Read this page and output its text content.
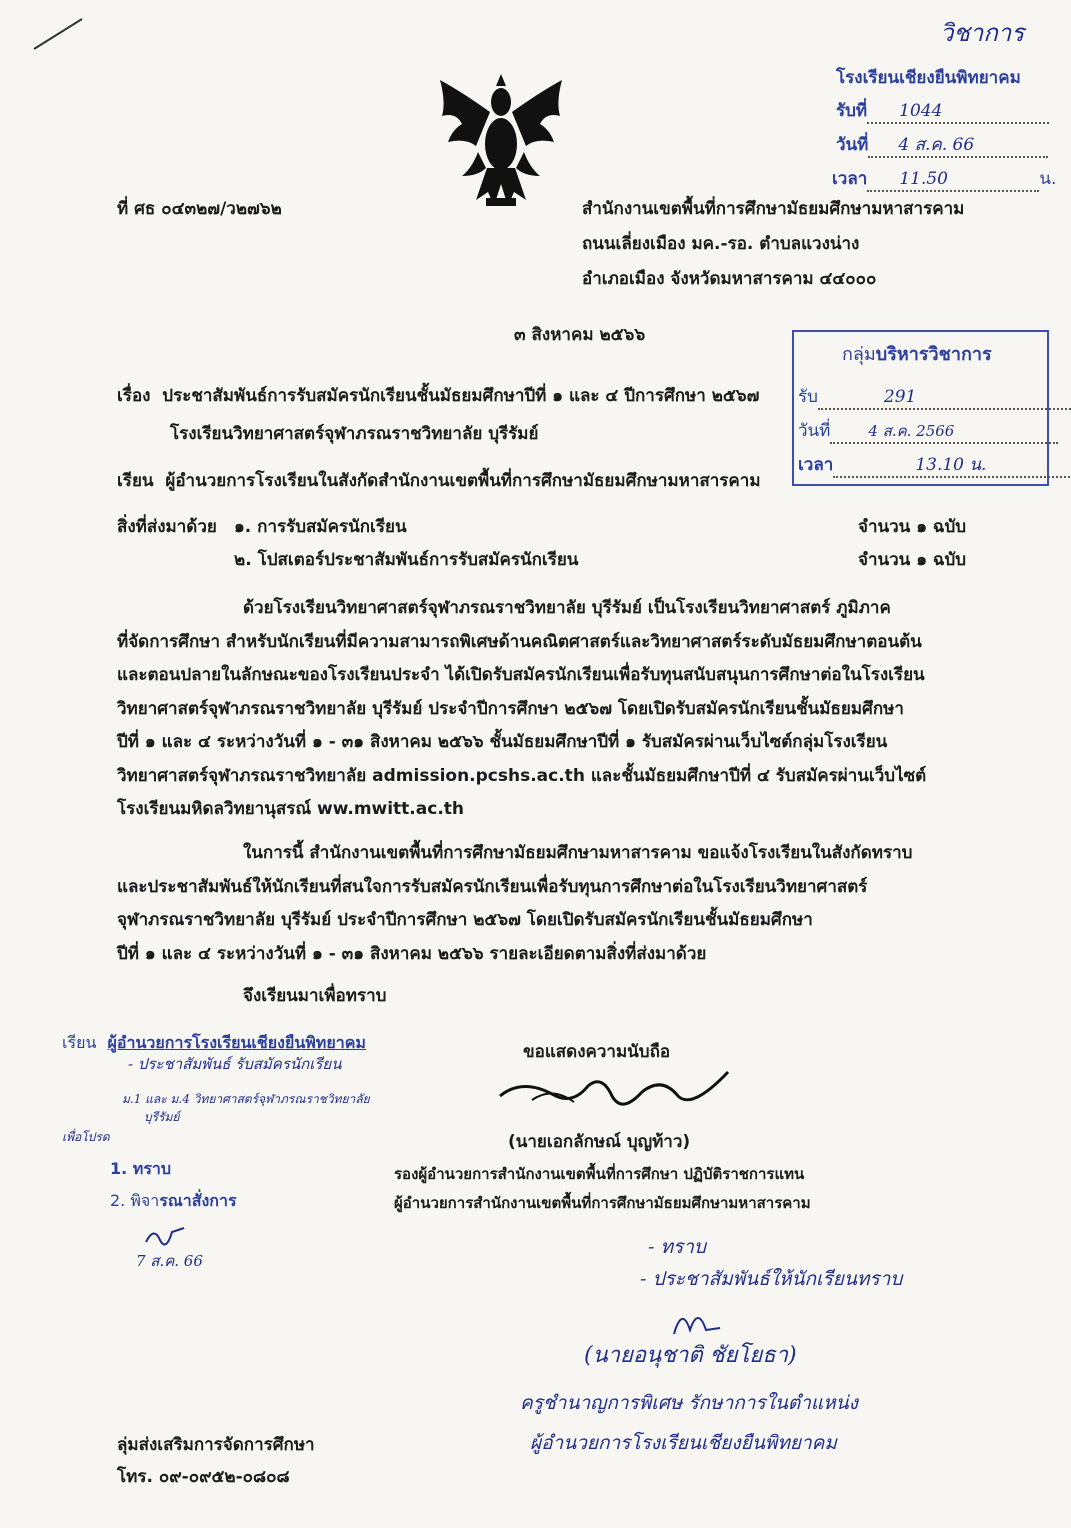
วิชาการ
โรงเรียนเชียงยืนพิทยาคม
รับที่ 1044
วันที่ 4 ส.ค. 66
เวลา 11.50	น.
ที่ ศธ ๐๔๓๒๗/ว๒๗๖๒	สำนักงานเขตพื้นที่การศึกษามัธยมศึกษามหาสารคาม
ถนนเลี่ยงเมือง มค.-รอ. ตำบลแวงน่าง
อำเภอเมือง จังหวัดมหาสารคาม ๔๔๐๐๐
๓ สิงหาคม ๒๕๖๖
กลุ่มบริหารวิชาการ
รับ	291
วันที่	4 ส.ค. 2566
เวลา	13.10 น.
เรื่อง ประชาสัมพันธ์การรับสมัครนักเรียนชั้นมัธยมศึกษาปีที่ ๑ และ ๔ ปีการศึกษา ๒๕๖๗
โรงเรียนวิทยาศาสตร์จุฬาภรณราชวิทยาลัย บุรีรัมย์
เรียน ผู้อำนวยการโรงเรียนในสังกัดสำนักงานเขตพื้นที่การศึกษามัธยมศึกษามหาสารคาม
สิ่งที่ส่งมาด้วย ๑. การรับสมัครนักเรียน	จำนวน ๑ ฉบับ
๒. โปสเตอร์ประชาสัมพันธ์การรับสมัครนักเรียน	จำนวน ๑ ฉบับ
ด้วยโรงเรียนวิทยาศาสตร์จุฬาภรณราชวิทยาลัย บุรีรัมย์ เป็นโรงเรียนวิทยาศาสตร์ ภูมิภาค
ที่จัดการศึกษา สำหรับนักเรียนที่มีความสามารถพิเศษด้านคณิตศาสตร์และวิทยาศาสตร์ระดับมัธยมศึกษาตอนต้น
และตอนปลายในลักษณะของโรงเรียนประจำ ได้เปิดรับสมัครนักเรียนเพื่อรับทุนสนับสนุนการศึกษาต่อในโรงเรียน
วิทยาศาสตร์จุฬาภรณราชวิทยาลัย บุรีรัมย์ ประจำปีการศึกษา ๒๕๖๗ โดยเปิดรับสมัครนักเรียนชั้นมัธยมศึกษา
ปีที่ ๑ และ ๔ ระหว่างวันที่ ๑ - ๓๑ สิงหาคม ๒๕๖๖ ชั้นมัธยมศึกษาปีที่ ๑ รับสมัครผ่านเว็บไซต์กลุ่มโรงเรียน
วิทยาศาสตร์จุฬาภรณราชวิทยาลัย admission.pcshs.ac.th และชั้นมัธยมศึกษาปีที่ ๔ รับสมัครผ่านเว็บไซต์
โรงเรียนมหิดลวิทยานุสรณ์ ww.mwitt.ac.th
ในการนี้ สำนักงานเขตพื้นที่การศึกษามัธยมศึกษามหาสารคาม ขอแจ้งโรงเรียนในสังกัดทราบ
และประชาสัมพันธ์ให้นักเรียนที่สนใจการรับสมัครนักเรียนเพื่อรับทุนการศึกษาต่อในโรงเรียนวิทยาศาสตร์
จุฬาภรณราชวิทยาลัย บุรีรัมย์ ประจำปีการศึกษา ๒๕๖๗ โดยเปิดรับสมัครนักเรียนชั้นมัธยมศึกษา
ปีที่ ๑ และ ๔ ระหว่างวันที่ ๑ - ๓๑ สิงหาคม ๒๕๖๖ รายละเอียดตามสิ่งที่ส่งมาด้วย
จึงเรียนมาเพื่อทราบ
ขอแสดงความนับถือ
(นายเอกลักษณ์ บุญท้าว)
รองผู้อำนวยการสำนักงานเขตพื้นที่การศึกษา ปฏิบัติราชการแทน
ผู้อำนวยการสำนักงานเขตพื้นที่การศึกษามัธยมศึกษามหาสารคาม
เรียน ผู้อำนวยการโรงเรียนเชียงยืนพิทยาคม
- ประชาสัมพันธ์ รับสมัครนักเรียน
ม.1 และ ม.4 วิทยาศาสตร์จุฬาภรณราชวิทยาลัย
บุรีรัมย์
เพื่อโปรด
1. ทราบ
2. พิจารณาสั่งการ
7 ส.ค. 66
- ทราบ
- ประชาสัมพันธ์ให้นักเรียนทราบ
(นายอนุชาติ ชัยโยธา)
ครูชำนาญการพิเศษ รักษาการในตำแหน่ง
ผู้อำนวยการโรงเรียนเชียงยืนพิทยาคม
ลุ่มส่งเสริมการจัดการศึกษา
โทร. ๐๙-๐๙๕๒-๐๘๐๘
